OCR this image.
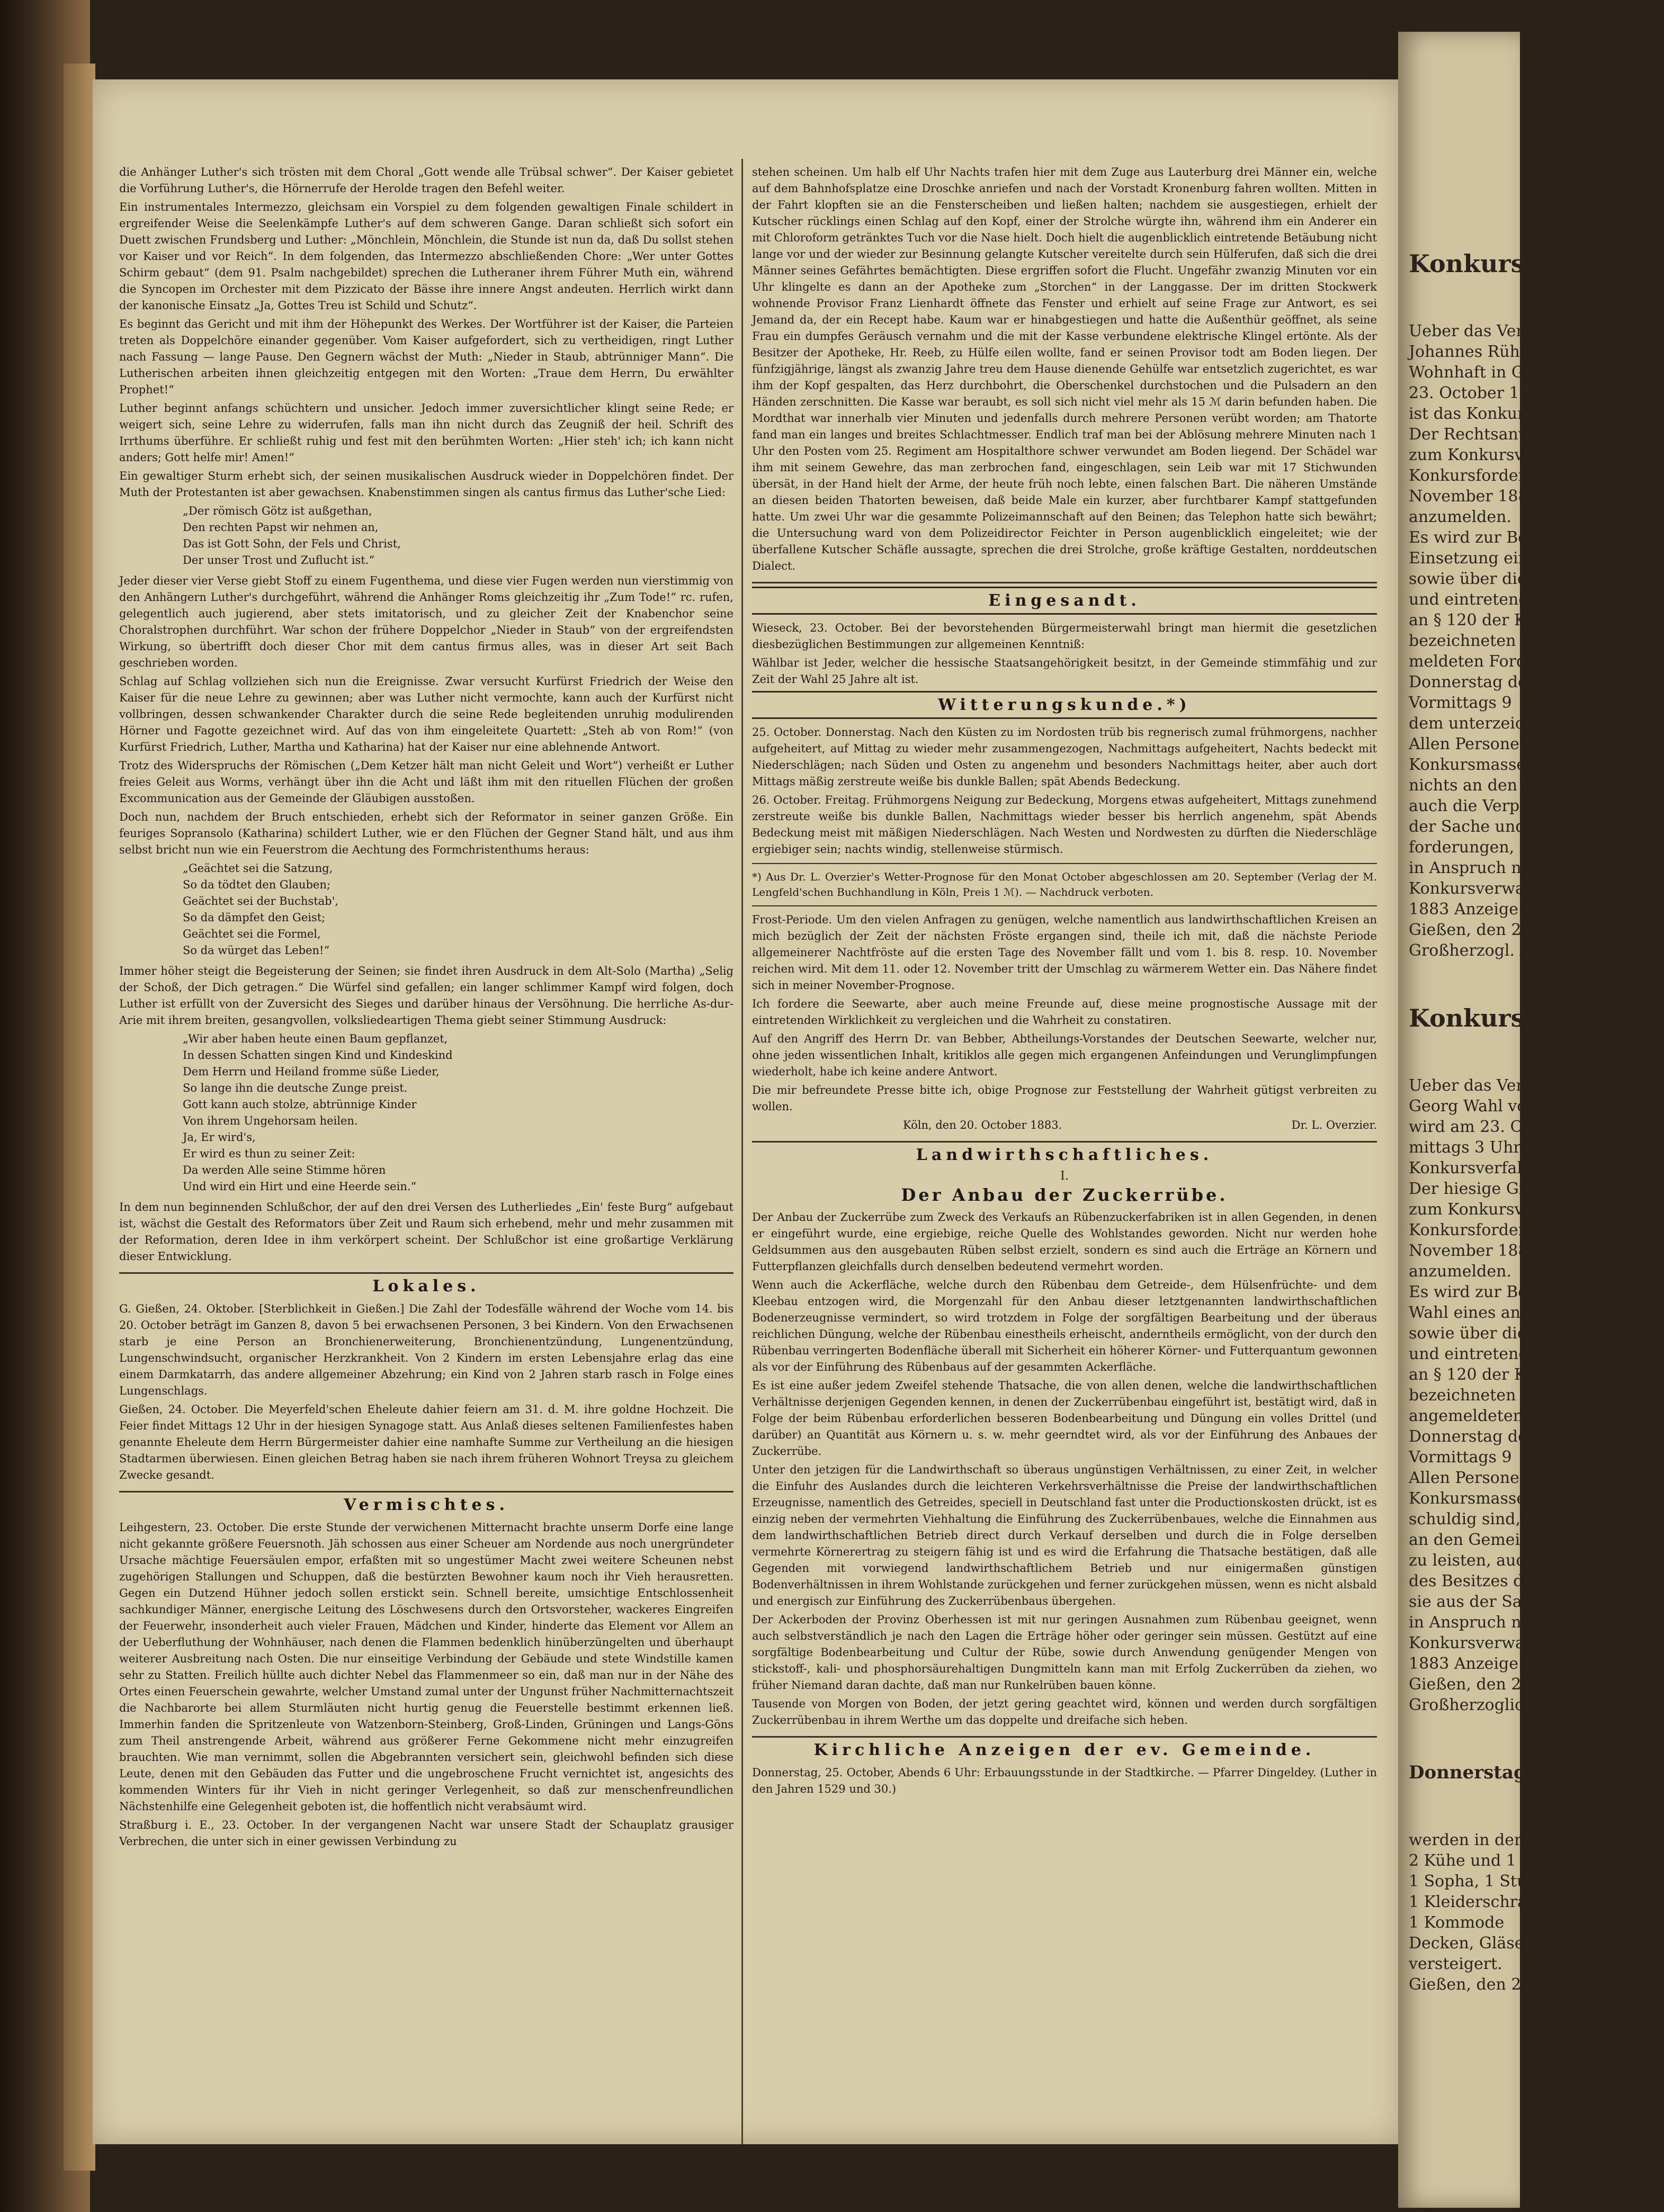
die Anhänger Luther's sich trösten mit dem Choral „Gott wende alle Trübsal schwer“. Der Kaiser gebietet die Vorführung Luther's, die Hörnerrufe der Herolde tragen den Befehl weiter.

Ein instrumentales Intermezzo, gleichsam ein Vorspiel zu dem folgenden gewaltigen Finale schildert in ergreifender Weise die Seelenkämpfe Luther's auf dem schweren Gange. Daran schließt sich sofort ein Duett zwischen Frundsberg und Luther: „Mönchlein, Mönchlein, die Stunde ist nun da, daß Du sollst stehen vor Kaiser und vor Reich“. In dem folgenden, das Intermezzo abschließenden Chore: „Wer unter Gottes Schirm gebaut“ (dem 91. Psalm nachgebildet) sprechen die Lutheraner ihrem Führer Muth ein, während die Syncopen im Orchester mit dem Pizzicato der Bässe ihre innere Angst andeuten. Herrlich wirkt dann der kanonische Einsatz „Ja, Gottes Treu ist Schild und Schutz“.

Es beginnt das Gericht und mit ihm der Höhepunkt des Werkes. Der Wortführer ist der Kaiser, die Parteien treten als Doppelchöre einander gegenüber. Vom Kaiser aufgefordert, sich zu vertheidigen, ringt Luther nach Fassung — lange Pause. Den Gegnern wächst der Muth: „Nieder in Staub, abtrünniger Mann“. Die Lutherischen arbeiten ihnen gleichzeitig entgegen mit den Worten: „Traue dem Herrn, Du erwählter Prophet!“

Luther beginnt anfangs schüchtern und unsicher. Jedoch immer zuversichtlicher klingt seine Rede; er weigert sich, seine Lehre zu widerrufen, falls man ihn nicht durch das Zeugniß der heil. Schrift des Irrthums überführe. Er schließt ruhig und fest mit den berühmten Worten: „Hier steh' ich; ich kann nicht anders; Gott helfe mir! Amen!“

Ein gewaltiger Sturm erhebt sich, der seinen musikalischen Ausdruck wieder in Doppelchören findet. Der Muth der Protestanten ist aber gewachsen. Knabenstimmen singen als cantus firmus das Luther'sche Lied:

„Der römisch Götz ist außgethan,
Den rechten Papst wir nehmen an,
Das ist Gott Sohn, der Fels und Christ,
Der unser Trost und Zuflucht ist.“

Jeder dieser vier Verse giebt Stoff zu einem Fugenthema, und diese vier Fugen werden nun vierstimmig von den Anhängern Luther's durchgeführt, während die Anhänger Roms gleichzeitig ihr „Zum Tode!“ rc. rufen, gelegentlich auch jugierend, aber stets imitatorisch, und zu gleicher Zeit der Knabenchor seine Choralstrophen durchführt. War schon der frühere Doppelchor „Nieder in Staub“ von der ergreifendsten Wirkung, so übertrifft doch dieser Chor mit dem cantus firmus alles, was in dieser Art seit Bach geschrieben worden.

Schlag auf Schlag vollziehen sich nun die Ereignisse. Zwar versucht Kurfürst Friedrich der Weise den Kaiser für die neue Lehre zu gewinnen; aber was Luther nicht vermochte, kann auch der Kurfürst nicht vollbringen, dessen schwankender Charakter durch die seine Rede begleitenden unruhig modulirenden Hörner und Fagotte gezeichnet wird. Auf das von ihm eingeleitete Quartett: „Steh ab von Rom!“ (von Kurfürst Friedrich, Luther, Martha und Katharina) hat der Kaiser nur eine ablehnende Antwort.

Trotz des Widerspruchs der Römischen („Dem Ketzer hält man nicht Geleit und Wort“) verheißt er Luther freies Geleit aus Worms, verhängt über ihn die Acht und läßt ihm mit den rituellen Flüchen der großen Excommunication aus der Gemeinde der Gläubigen ausstoßen.

Doch nun, nachdem der Bruch entschieden, erhebt sich der Reformator in seiner ganzen Größe. Ein feuriges Sopransolo (Katharina) schildert Luther, wie er den Flüchen der Gegner Stand hält, und aus ihm selbst bricht nun wie ein Feuerstrom die Aechtung des Formchristenthums heraus:

„Geächtet sei die Satzung,
So da tödtet den Glauben;
Geächtet sei der Buchstab',
So da dämpfet den Geist;
Geächtet sei die Formel,
So da würget das Leben!“

Immer höher steigt die Begeisterung der Seinen; sie findet ihren Ausdruck in dem Alt-Solo (Martha) „Selig der Schoß, der Dich getragen.“ Die Würfel sind gefallen; ein langer schlimmer Kampf wird folgen, doch Luther ist erfüllt von der Zuversicht des Sieges und darüber hinaus der Versöhnung. Die herrliche As-dur-Arie mit ihrem breiten, gesangvollen, volksliedeartigen Thema giebt seiner Stimmung Ausdruck:

„Wir aber haben heute einen Baum gepflanzet,
In dessen Schatten singen Kind und Kindeskind
Dem Herrn und Heiland fromme süße Lieder,
So lange ihn die deutsche Zunge preist.
Gott kann auch stolze, abtrünnige Kinder
Von ihrem Ungehorsam heilen.
Ja, Er wird's,
Er wird es thun zu seiner Zeit:
Da werden Alle seine Stimme hören
Und wird ein Hirt und eine Heerde sein.“

In dem nun beginnenden Schlußchor, der auf den drei Versen des Lutherliedes „Ein' feste Burg“ aufgebaut ist, wächst die Gestalt des Reformators über Zeit und Raum sich erhebend, mehr und mehr zusammen mit der Reformation, deren Idee in ihm verkörpert scheint. Der Schlußchor ist eine großartige Verklärung dieser Entwicklung.

Lokales.

G. Gießen, 24. Oktober. [Sterblichkeit in Gießen.] Die Zahl der Todesfälle während der Woche vom 14. bis 20. October beträgt im Ganzen 8, davon 5 bei erwachsenen Personen, 3 bei Kindern. Von den Erwachsenen starb je eine Person an Bronchienerweiterung, Bronchienentzündung, Lungenentzündung, Lungenschwindsucht, organischer Herzkrankheit. Von 2 Kindern im ersten Lebensjahre erlag das eine einem Darmkatarrh, das andere allgemeiner Abzehrung; ein Kind von 2 Jahren starb rasch in Folge eines Lungenschlags.

Gießen, 24. October. Die Meyerfeld'schen Eheleute dahier feiern am 31. d. M. ihre goldne Hochzeit. Die Feier findet Mittags 12 Uhr in der hiesigen Synagoge statt. Aus Anlaß dieses seltenen Familienfestes haben genannte Eheleute dem Herrn Bürgermeister dahier eine namhafte Summe zur Vertheilung an die hiesigen Stadtarmen überwiesen. Einen gleichen Betrag haben sie nach ihrem früheren Wohnort Treysa zu gleichem Zwecke gesandt.

Vermischtes.

Leihgestern, 23. October. Die erste Stunde der verwichenen Mitternacht brachte unserm Dorfe eine lange nicht gekannte größere Feuersnoth. Jäh schossen aus einer Scheuer am Nordende aus noch unergründeter Ursache mächtige Feuersäulen empor, erfaßten mit so ungestümer Macht zwei weitere Scheunen nebst zugehörigen Stallungen und Schuppen, daß die bestürzten Bewohner kaum noch ihr Vieh herausretten. Gegen ein Dutzend Hühner jedoch sollen erstickt sein. Schnell bereite, umsichtige Entschlossenheit sachkundiger Männer, energische Leitung des Löschwesens durch den Ortsvorsteher, wackeres Eingreifen der Feuerwehr, insonderheit auch vieler Frauen, Mädchen und Kinder, hinderte das Element vor Allem an der Ueberfluthung der Wohnhäuser, nach denen die Flammen bedenklich hinüberzüngelten und überhaupt weiterer Ausbreitung nach Osten. Die nur einseitige Verbindung der Gebäude und stete Windstille kamen sehr zu Statten. Freilich hüllte auch dichter Nebel das Flammenmeer so ein, daß man nur in der Nähe des Ortes einen Feuerschein gewahrte, welcher Umstand zumal unter der Ungunst früher Nachmitternachtszeit die Nachbarorte bei allem Sturmläuten nicht hurtig genug die Feuerstelle bestimmt erkennen ließ. Immerhin fanden die Spritzenleute von Watzenborn-Steinberg, Groß-Linden, Grüningen und Langs-Göns zum Theil anstrengende Arbeit, während aus größerer Ferne Gekommene nicht mehr einzugreifen brauchten. Wie man vernimmt, sollen die Abgebrannten versichert sein, gleichwohl befinden sich diese Leute, denen mit den Gebäuden das Futter und die ungebroschene Frucht vernichtet ist, angesichts des kommenden Winters für ihr Vieh in nicht geringer Verlegenheit, so daß zur menschenfreundlichen Nächstenhilfe eine Gelegenheit geboten ist, die hoffentlich nicht verabsäumt wird.

Straßburg i. E., 23. October. In der vergangenen Nacht war unsere Stadt der Schauplatz grausiger Verbrechen, die unter sich in einer gewissen Verbindung zu

stehen scheinen. Um halb elf Uhr Nachts trafen hier mit dem Zuge aus Lauterburg drei Männer ein, welche auf dem Bahnhofsplatze eine Droschke anriefen und nach der Vorstadt Kronenburg fahren wollten. Mitten in der Fahrt klopften sie an die Fensterscheiben und ließen halten; nachdem sie ausgestiegen, erhielt der Kutscher rücklings einen Schlag auf den Kopf, einer der Strolche würgte ihn, während ihm ein Anderer ein mit Chloroform getränktes Tuch vor die Nase hielt. Doch hielt die augenblicklich eintretende Betäubung nicht lange vor und der wieder zur Besinnung gelangte Kutscher vereitelte durch sein Hülferufen, daß sich die drei Männer seines Gefährtes bemächtigten. Diese ergriffen sofort die Flucht. Ungefähr zwanzig Minuten vor ein Uhr klingelte es dann an der Apotheke zum „Storchen“ in der Langgasse. Der im dritten Stockwerk wohnende Provisor Franz Lienhardt öffnete das Fenster und erhielt auf seine Frage zur Antwort, es sei Jemand da, der ein Recept habe. Kaum war er hinabgestiegen und hatte die Außenthür geöffnet, als seine Frau ein dumpfes Geräusch vernahm und die mit der Kasse verbundene elektrische Klingel ertönte. Als der Besitzer der Apotheke, Hr. Reeb, zu Hülfe eilen wollte, fand er seinen Provisor todt am Boden liegen. Der fünfzigjährige, längst als zwanzig Jahre treu dem Hause dienende Gehülfe war entsetzlich zugerichtet, es war ihm der Kopf gespalten, das Herz durchbohrt, die Oberschenkel durchstochen und die Pulsadern an den Händen zerschnitten. Die Kasse war beraubt, es soll sich nicht viel mehr als 15 ℳ darin befunden haben. Die Mordthat war innerhalb vier Minuten und jedenfalls durch mehrere Personen verübt worden; am Thatorte fand man ein langes und breites Schlachtmesser. Endlich traf man bei der Ablösung mehrere Minuten nach 1 Uhr den Posten vom 25. Regiment am Hospitalthore schwer verwundet am Boden liegend. Der Schädel war ihm mit seinem Gewehre, das man zerbrochen fand, eingeschlagen, sein Leib war mit 17 Stichwunden übersät, in der Hand hielt der Arme, der heute früh noch lebte, einen falschen Bart. Die näheren Umstände an diesen beiden Thatorten beweisen, daß beide Male ein kurzer, aber furchtbarer Kampf stattgefunden hatte. Um zwei Uhr war die gesammte Polizeimannschaft auf den Beinen; das Telephon hatte sich bewährt; die Untersuchung ward von dem Polizeidirector Feichter in Person augenblicklich eingeleitet; wie der überfallene Kutscher Schäfle aussagte, sprechen die drei Strolche, große kräftige Gestalten, norddeutschen Dialect.

Eingesandt.

Wieseck, 23. October. Bei der bevorstehenden Bürgermeisterwahl bringt man hiermit die gesetzlichen diesbezüglichen Bestimmungen zur allgemeinen Kenntniß:

Wählbar ist Jeder, welcher die hessische Staatsangehörigkeit besitzt, in der Gemeinde stimmfähig und zur Zeit der Wahl 25 Jahre alt ist.

Witterungskunde.*)

25. October. Donnerstag. Nach den Küsten zu im Nordosten trüb bis regnerisch zumal frühmorgens, nachher aufgeheitert, auf Mittag zu wieder mehr zusammengezogen, Nachmittags aufgeheitert, Nachts bedeckt mit Niederschlägen; nach Süden und Osten zu angenehm und besonders Nachmittags heiter, aber auch dort Mittags mäßig zerstreute weiße bis dunkle Ballen; spät Abends Bedeckung.

26. October. Freitag. Frühmorgens Neigung zur Bedeckung, Morgens etwas aufgeheitert, Mittags zunehmend zerstreute weiße bis dunkle Ballen, Nachmittags wieder besser bis herrlich angenehm, spät Abends Bedeckung meist mit mäßigen Niederschlägen. Nach Westen und Nordwesten zu dürften die Niederschläge ergiebiger sein; nachts windig, stellenweise stürmisch.

*) Aus Dr. L. Overzier's Wetter-Prognose für den Monat October abgeschlossen am 20. September (Verlag der M. Lengfeld'schen Buchhandlung in Köln, Preis 1 ℳ). — Nachdruck verboten.

Frost-Periode. Um den vielen Anfragen zu genügen, welche namentlich aus landwirthschaftlichen Kreisen an mich bezüglich der Zeit der nächsten Fröste ergangen sind, theile ich mit, daß die nächste Periode allgemeinerer Nachtfröste auf die ersten Tage des November fällt und vom 1. bis 8. resp. 10. November reichen wird. Mit dem 11. oder 12. November tritt der Umschlag zu wärmerem Wetter ein. Das Nähere findet sich in meiner November-Prognose.

Ich fordere die Seewarte, aber auch meine Freunde auf, diese meine prognostische Aussage mit der eintretenden Wirklichkeit zu vergleichen und die Wahrheit zu constatiren.

Auf den Angriff des Herrn Dr. van Bebber, Abtheilungs-Vorstandes der Deutschen Seewarte, welcher nur, ohne jeden wissentlichen Inhalt, kritiklos alle gegen mich ergangenen Anfeindungen und Verunglimpfungen wiederholt, habe ich keine andere Antwort.

Die mir befreundete Presse bitte ich, obige Prognose zur Feststellung der Wahrheit gütigst verbreiten zu wollen.

Köln, den 20. October 1883.	Dr. L. Overzier.

Landwirthschaftliches.

I.

Der Anbau der Zuckerrübe.

Der Anbau der Zuckerrübe zum Zweck des Verkaufs an Rübenzuckerfabriken ist in allen Gegenden, in denen er eingeführt wurde, eine ergiebige, reiche Quelle des Wohlstandes geworden. Nicht nur werden hohe Geldsummen aus den ausgebauten Rüben selbst erzielt, sondern es sind auch die Erträge an Körnern und Futterpflanzen gleichfalls durch denselben bedeutend vermehrt worden.

Wenn auch die Ackerfläche, welche durch den Rübenbau dem Getreide-, dem Hülsenfrüchte- und dem Kleebau entzogen wird, die Morgenzahl für den Anbau dieser letztgenannten landwirthschaftlichen Bodenerzeugnisse vermindert, so wird trotzdem in Folge der sorgfältigen Bearbeitung und der überaus reichlichen Düngung, welche der Rübenbau einestheils erheischt, anderntheils ermöglicht, von der durch den Rübenbau verringerten Bodenfläche überall mit Sicherheit ein höherer Körner- und Futterquantum gewonnen als vor der Einführung des Rübenbaus auf der gesammten Ackerfläche.

Es ist eine außer jedem Zweifel stehende Thatsache, die von allen denen, welche die landwirthschaftlichen Verhältnisse derjenigen Gegenden kennen, in denen der Zuckerrübenbau eingeführt ist, bestätigt wird, daß in Folge der beim Rübenbau erforderlichen besseren Bodenbearbeitung und Düngung ein volles Drittel (und darüber) an Quantität aus Körnern u. s. w. mehr geerndtet wird, als vor der Einführung des Anbaues der Zuckerrübe.

Unter den jetzigen für die Landwirthschaft so überaus ungünstigen Verhältnissen, zu einer Zeit, in welcher die Einfuhr des Auslandes durch die leichteren Verkehrsverhältnisse die Preise der landwirthschaftlichen Erzeugnisse, namentlich des Getreides, speciell in Deutschland fast unter die Productionskosten drückt, ist es einzig neben der vermehrten Viehhaltung die Einführung des Zuckerrübenbaues, welche die Einnahmen aus dem landwirthschaftlichen Betrieb direct durch Verkauf derselben und durch die in Folge derselben vermehrte Körnerertrag zu steigern fähig ist und es wird die Erfahrung die Thatsache bestätigen, daß alle Gegenden mit vorwiegend landwirthschaftlichem Betrieb und nur einigermaßen günstigen Bodenverhältnissen in ihrem Wohlstande zurückgehen und ferner zurückgehen müssen, wenn es nicht alsbald und energisch zur Einführung des Zuckerrübenbaus übergehen.

Der Ackerboden der Provinz Oberhessen ist mit nur geringen Ausnahmen zum Rübenbau geeignet, wenn auch selbstverständlich je nach den Lagen die Erträge höher oder geringer sein müssen. Gestützt auf eine sorgfältige Bodenbearbeitung und Cultur der Rübe, sowie durch Anwendung genügender Mengen von stickstoff-, kali- und phosphorsäurehaltigen Dungmitteln kann man mit Erfolg Zuckerrüben da ziehen, wo früher Niemand daran dachte, daß man nur Runkelrüben bauen könne.

Tausende von Morgen von Boden, der jetzt gering geachtet wird, können und werden durch sorgfältigen Zuckerrübenbau in ihrem Werthe um das doppelte und dreifache sich heben.

Kirchliche Anzeigen der ev. Gemeinde.

Donnerstag, 25. October, Abends 6 Uhr: Erbauungsstunde in der Stadtkirche. — Pfarrer Dingeldey. (Luther in den Jahren 1529 und 30.)

Konkursver

Ueber das Vermögen
Johannes Rühl aus
Wohnhaft in Gießen
23. October 1883
ist das Konkursver
Der Rechtsanwalt
zum Konkursver
Konkursforderungen
November 1883 bei
anzumelden.
Es wird zur Beschluß
Einsetzung eines anderen
sowie über die Bestellung
und eintretenden Falls
an § 120 der Konkurs
bezeichneten Gegenstände
meldeten Forderungen
Donnerstag den 22.
Vormittags 9
dem unterzeichneten
Allen Personen, welche
Konkursmasse gehörige
nichts an den Gemeinschuldner
auch die Verpflichtung
der Sache und von
forderungen, für welche
in Anspruch nehmen
Konkursverwalter bis
1883 Anzeige zu machen
Gießen, den 23. October
Großherzogl. Amtsgericht

Konkursver

Ueber das Vermögen
Georg Wahl von
wird am 23. October
mittags 3 Uhr, das
Konkursverfahren
Der hiesige Gr.
zum Konkursver
Konkursforderungen
November 1883 bei
anzumelden.
Es wird zur Beschluß
Wahl eines anderen
sowie über die Bestellung
und eintretenden Falls
an § 120 der Konkurs
bezeichneten Gegenstände
angemeldeten Forderungen
Donnerstag den 30.
Vormittags 9
Allen Personen, welche
Konkursmasse gehörige
schuldig sind, wird
an den Gemeinschuldner
zu leisten, auch
des Besitzes der Sache
sie aus der Sache
in Anspruch nehmen
Konkursverwalter bis
1883 Anzeige zu machen
Gießen, den 23. October
Großherzogliches Amtsgericht

Donnerstag den

werden in der Liebig
2 Kühe und 1
1 Sopha, 1 Stuhl
1 Kleiderschrank
1 Kommode
Decken, Gläser
versteigert.
Gießen, den 24. Ok
